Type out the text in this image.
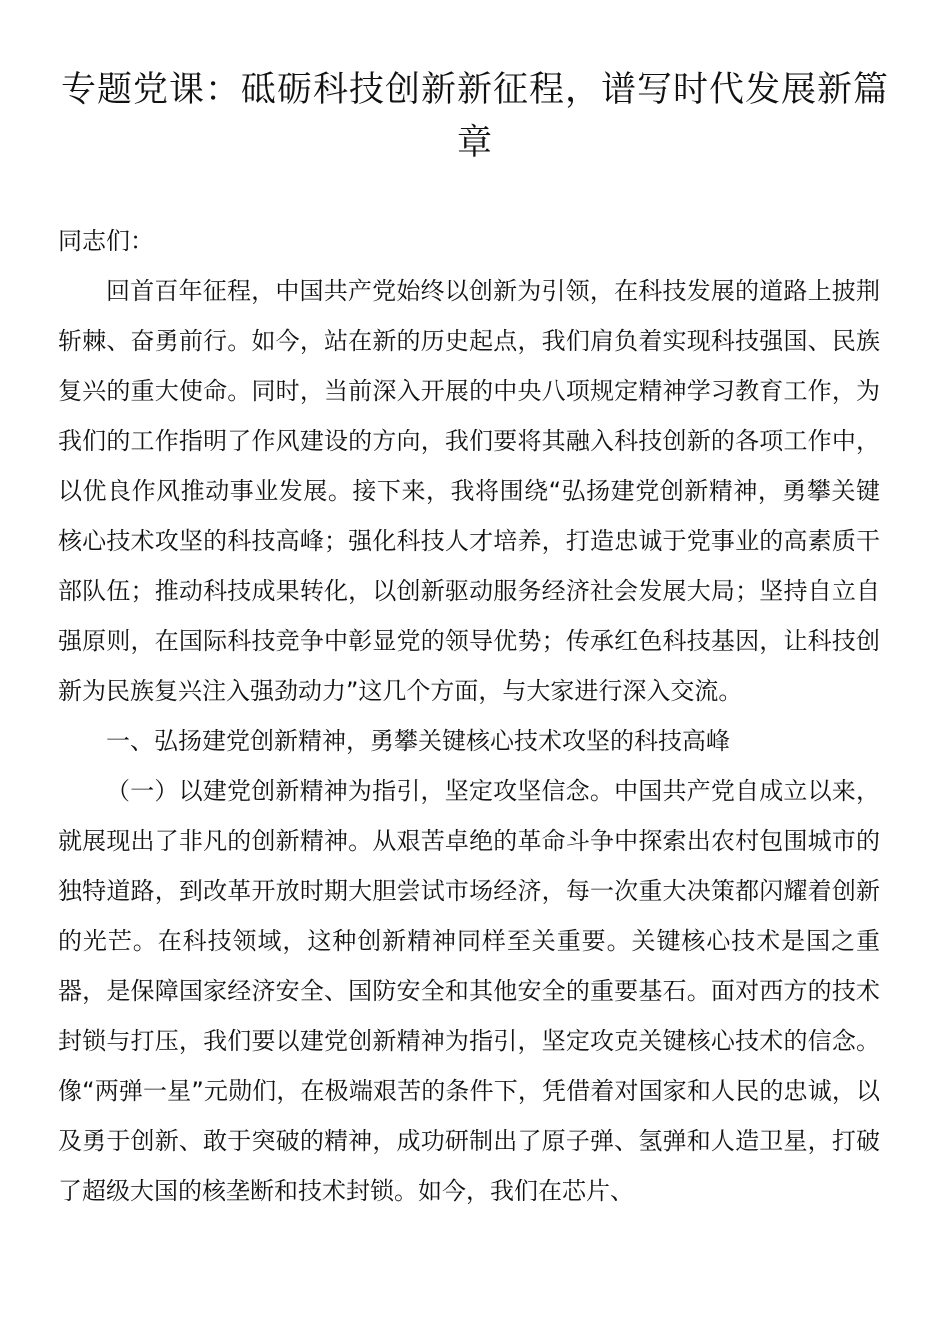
专题党课：砥砺科技创新新征程，谱写时代发展新篇章

同志们：

回首百年征程，中国共产党始终以创新为引领，在科技发展的道路上披荆斩棘、奋勇前行。如今，站在新的历史起点，我们肩负着实现科技强国、民族复兴的重大使命。同时，当前深入开展的中央八项规定精神学习教育工作，为我们的工作指明了作风建设的方向，我们要将其融入科技创新的各项工作中，以优良作风推动事业发展。接下来，我将围绕“弘扬建党创新精神，勇攀关键核心技术攻坚的科技高峰；强化科技人才培养，打造忠诚于党事业的高素质干部队伍；推动科技成果转化，以创新驱动服务经济社会发展大局；坚持自立自强原则，在国际科技竞争中彰显党的领导优势；传承红色科技基因，让科技创新为民族复兴注入强劲动力”这几个方面，与大家进行深入交流。

一、弘扬建党创新精神，勇攀关键核心技术攻坚的科技高峰

（一）以建党创新精神为指引，坚定攻坚信念。中国共产党自成立以来，就展现出了非凡的创新精神。从艰苦卓绝的革命斗争中探索出农村包围城市的独特道路，到改革开放时期大胆尝试市场经济，每一次重大决策都闪耀着创新的光芒。在科技领域，这种创新精神同样至关重要。关键核心技术是国之重器，是保障国家经济安全、国防安全和其他安全的重要基石。面对西方的技术封锁与打压，我们要以建党创新精神为指引，坚定攻克关键核心技术的信念。像“两弹一星”元勋们，在极端艰苦的条件下，凭借着对国家和人民的忠诚，以及勇于创新、敢于突破的精神，成功研制出了原子弹、氢弹和人造卫星，打破了超级大国的核垄断和技术封锁。如今，我们在芯片、
